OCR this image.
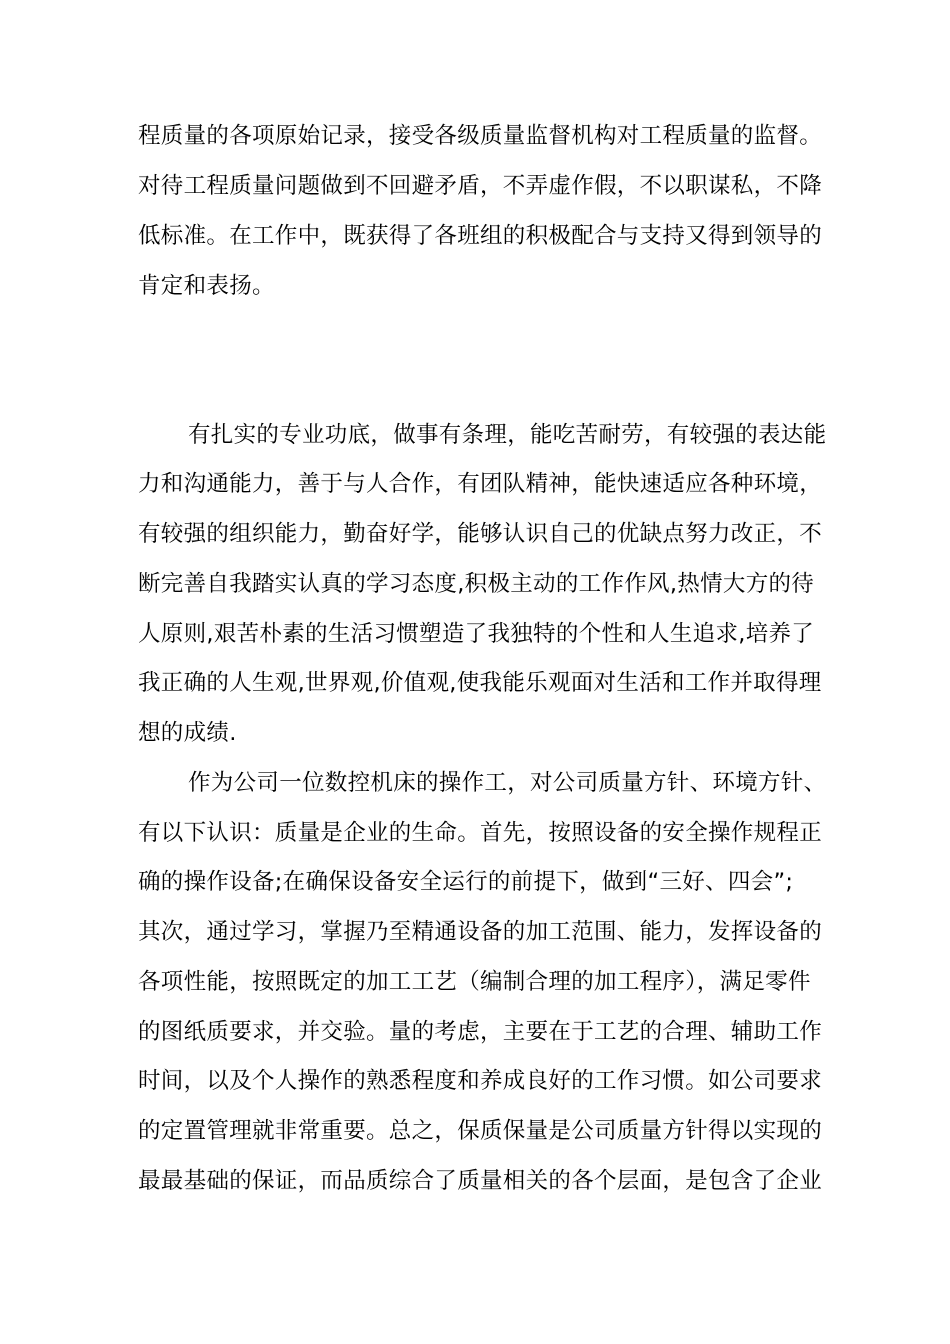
程质量的各项原始记录，接受各级质量监督机构对工程质量的监督。
对待工程质量问题做到不回避矛盾，不弄虚作假，不以职谋私，不降
低标准。在工作中，既获得了各班组的积极配合与支持又得到领导的
肯定和表扬。
有扎实的专业功底，做事有条理，能吃苦耐劳，有较强的表达能
力和沟通能力，善于与人合作，有团队精神，能快速适应各种环境，
有较强的组织能力，勤奋好学，能够认识自己的优缺点努力改正，不
断完善自我踏实认真的学习态度,积极主动的工作作风,热情大方的待
人原则,艰苦朴素的生活习惯塑造了我独特的个性和人生追求,培养了
我正确的人生观,世界观,价值观,使我能乐观面对生活和工作并取得理
想的成绩.
作为公司一位数控机床的操作工，对公司质量方针、环境方针、
有以下认识：质量是企业的生命。首先，按照设备的安全操作规程正
确的操作设备;在确保设备安全运行的前提下，做到“三好、四会”;
其次，通过学习，掌握乃至精通设备的加工范围、能力，发挥设备的
各项性能，按照既定的加工工艺（编制合理的加工程序），满足零件
的图纸质要求，并交验。量的考虑，主要在于工艺的合理、辅助工作
时间，以及个人操作的熟悉程度和养成良好的工作习惯。如公司要求
的定置管理就非常重要。总之，保质保量是公司质量方针得以实现的
最最基础的保证，而品质综合了质量相关的各个层面，是包含了企业
